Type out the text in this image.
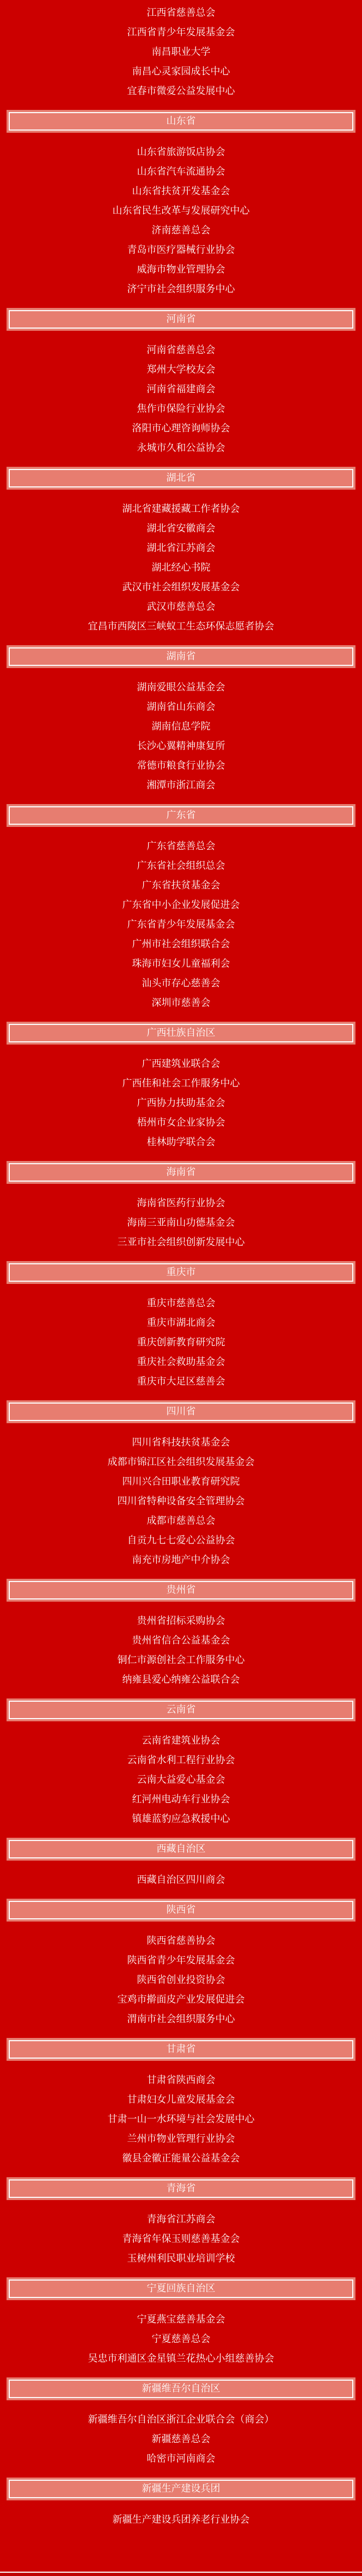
江西省慈善总会
江西省青少年发展基金会
南昌职业大学
南昌心灵家园成长中心
宜春市微爱公益发展中心
山东省
山东省旅游饭店协会
山东省汽车流通协会
山东省扶贫开发基金会
山东省民生改革与发展研究中心
济南慈善总会
青岛市医疗器械行业协会
威海市物业管理协会
济宁市社会组织服务中心
河南省
河南省慈善总会
郑州大学校友会
河南省福建商会
焦作市保险行业协会
洛阳市心理咨询师协会
永城市久和公益协会
湖北省
湖北省建藏援藏工作者协会
湖北省安徽商会
湖北省江苏商会
湖北经心书院
武汉市社会组织发展基金会
武汉市慈善总会
宜昌市西陵区三峡蚁工生态环保志愿者协会
湖南省
湖南爱眼公益基金会
湖南省山东商会
湖南信息学院
长沙心翼精神康复所
常德市粮食行业协会
湘潭市浙江商会
广东省
广东省慈善总会
广东省社会组织总会
广东省扶贫基金会
广东省中小企业发展促进会
广东省青少年发展基金会
广州市社会组织联合会
珠海市妇女儿童福利会
汕头市存心慈善会
深圳市慈善会
广西壮族自治区
广西建筑业联合会
广西佳和社会工作服务中心
广西协力扶助基金会
梧州市女企业家协会
桂林助学联合会
海南省
海南省医药行业协会
海南三亚南山功德基金会
三亚市社会组织创新发展中心
重庆市
重庆市慈善总会
重庆市湖北商会
重庆创新教育研究院
重庆社会救助基金会
重庆市大足区慈善会
四川省
四川省科技扶贫基金会
成都市锦江区社会组织发展基金会
四川兴合田职业教育研究院
四川省特种设备安全管理协会
成都市慈善总会
自贡九七七爱心公益协会
南充市房地产中介协会
贵州省
贵州省招标采购协会
贵州省信合公益基金会
铜仁市源创社会工作服务中心
纳雍县爱心纳雍公益联合会
云南省
云南省建筑业协会
云南省水利工程行业协会
云南大益爱心基金会
红河州电动车行业协会
镇雄蓝豹应急救援中心
西藏自治区
西藏自治区四川商会
陕西省
陕西省慈善协会
陕西省青少年发展基金会
陕西省创业投资协会
宝鸡市擀面皮产业发展促进会
渭南市社会组织服务中心
甘肃省
甘肃省陕西商会
甘肃妇女儿童发展基金会
甘肃一山一水环境与社会发展中心
兰州市物业管理行业协会
徽县金徽正能量公益基金会
青海省
青海省江苏商会
青海省年保玉则慈善基金会
玉树州利民职业培训学校
宁夏回族自治区
宁夏燕宝慈善基金会
宁夏慈善总会
吴忠市利通区金星镇兰花热心小组慈善协会
新疆维吾尔自治区
新疆维吾尔自治区浙江企业联合会（商会）
新疆慈善总会
哈密市河南商会
新疆生产建设兵团
新疆生产建设兵团养老行业协会
